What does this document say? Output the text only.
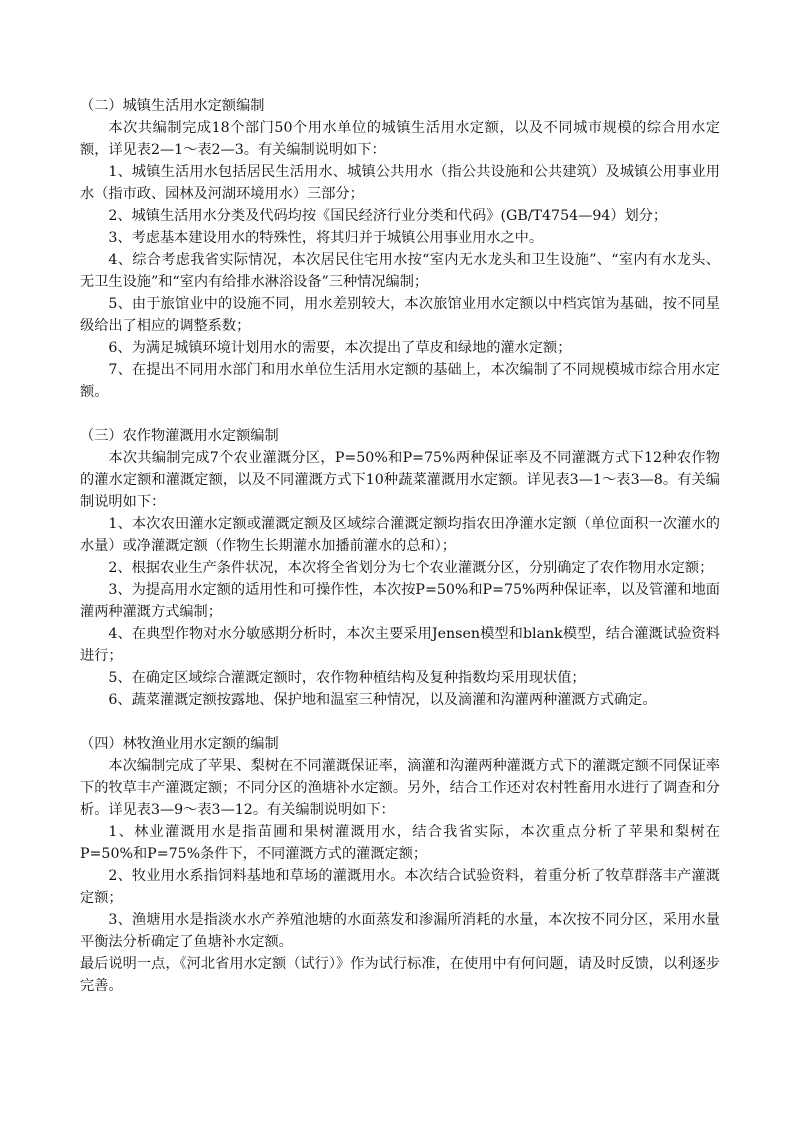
（二）城镇生活用水定额编制

本次共编制完成18个部门50个用水单位的城镇生活用水定额，以及不同城市规模的综合用水定额，详见表2—1～表2—3。有关编制说明如下：

1、城镇生活用水包括居民生活用水、城镇公共用水（指公共设施和公共建筑）及城镇公用事业用水（指市政、园林及河湖环境用水）三部分；

2、城镇生活用水分类及代码均按《国民经济行业分类和代码》(GB/T4754—94）划分；

3、考虑基本建设用水的特殊性，将其归并于城镇公用事业用水之中。

4、综合考虑我省实际情况，本次居民住宅用水按“室内无水龙头和卫生设施”、“室内有水龙头、无卫生设施”和“室内有给排水淋浴设备”三种情况编制；

5、由于旅馆业中的设施不同，用水差别较大，本次旅馆业用水定额以中档宾馆为基础，按不同星级给出了相应的调整系数；

6、为满足城镇环境计划用水的需要，本次提出了草皮和绿地的灌水定额；

7、在提出不同用水部门和用水单位生活用水定额的基础上，本次编制了不同规模城市综合用水定额。

（三）农作物灌溉用水定额编制

本次共编制完成7个农业灌溉分区，P=50%和P=75%两种保证率及不同灌溉方式下12种农作物的灌水定额和灌溉定额，以及不同灌溉方式下10种蔬菜灌溉用水定额。详见表3—1～表3—8。有关编制说明如下：

1、本次农田灌水定额或灌溉定额及区域综合灌溉定额均指农田净灌水定额（单位面积一次灌水的水量）或净灌溉定额（作物生长期灌水加播前灌水的总和）；

2、根据农业生产条件状况，本次将全省划分为七个农业灌溉分区，分别确定了农作物用水定额；

3、为提高用水定额的适用性和可操作性，本次按P=50%和P=75%两种保证率，以及管灌和地面灌两种灌溉方式编制；

4、在典型作物对水分敏感期分析时，本次主要采用Jensen模型和blank模型，结合灌溉试验资料进行；

5、在确定区域综合灌溉定额时，农作物种植结构及复种指数均采用现状值；

6、蔬菜灌溉定额按露地、保护地和温室三种情况，以及滴灌和沟灌两种灌溉方式确定。

（四）林牧渔业用水定额的编制

本次编制完成了苹果、梨树在不同灌溉保证率，滴灌和沟灌两种灌溉方式下的灌溉定额不同保证率下的牧草丰产灌溉定额；不同分区的渔塘补水定额。另外，结合工作还对农村牲畜用水进行了调查和分析。详见表3—9～表3—12。有关编制说明如下：

1、林业灌溉用水是指苗圃和果树灌溉用水，结合我省实际，本次重点分析了苹果和梨树在P=50%和P=75%条件下，不同灌溉方式的灌溉定额；

2、牧业用水系指饲料基地和草场的灌溉用水。本次结合试验资料，着重分析了牧草群落丰产灌溉定额；

3、渔塘用水是指淡水水产养殖池塘的水面蒸发和渗漏所消耗的水量，本次按不同分区，采用水量平衡法分析确定了鱼塘补水定额。

最后说明一点，《河北省用水定额（试行）》作为试行标准，在使用中有何问题，请及时反馈，以利逐步完善。
